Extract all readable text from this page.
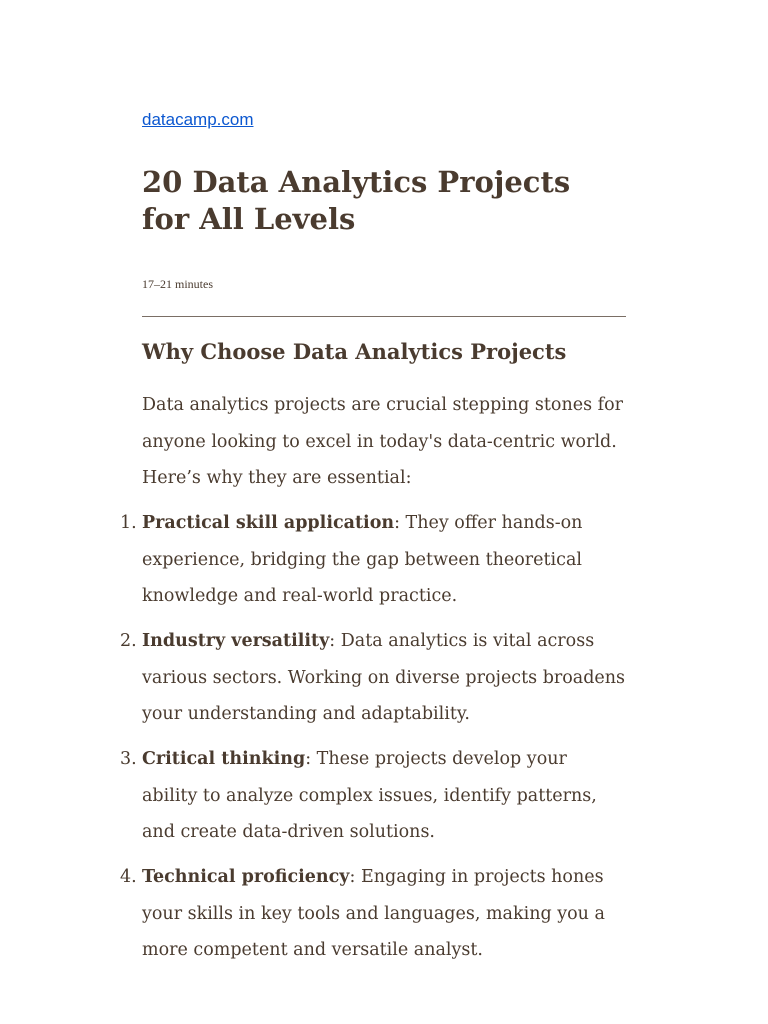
datacamp.com
20 Data Analytics Projects for All Levels
17–21 minutes
Why Choose Data Analytics Projects

Data analytics projects are crucial stepping stones for anyone looking to excel in today's data-centric world. Here’s why they are essential:

1. Practical skill application: They offer hands-on experience, bridging the gap between theoretical knowledge and real-world practice.
2. Industry versatility: Data analytics is vital across various sectors. Working on diverse projects broadens your understanding and adaptability.
3. Critical thinking: These projects develop your ability to analyze complex issues, identify patterns, and create data-driven solutions.
4. Technical proficiency: Engaging in projects hones your skills in key tools and languages, making you a more competent and versatile analyst.
